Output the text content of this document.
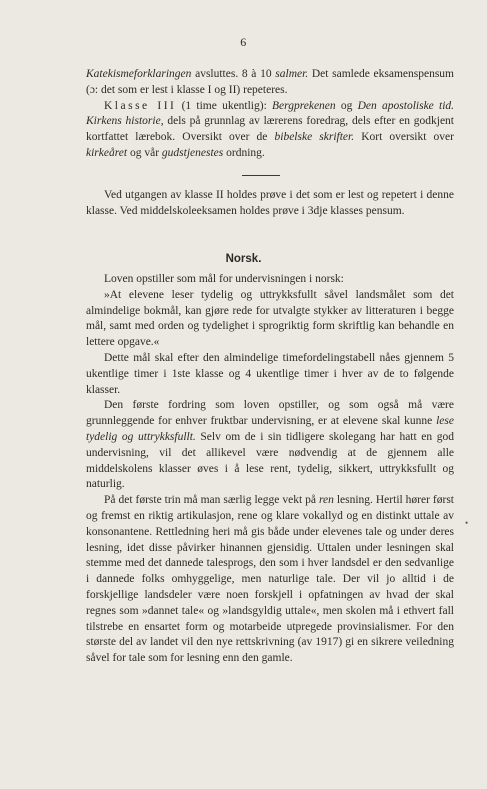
6

Katekismeforklaringen avsluttes. 8 à 10 salmer. Det samlede eksamenspensum (ɔ: det som er lest i klasse I og II) repeteres.

Klasse III (1 time ukentlig): Bergprekenen og Den apostoliske tid. Kirkens historie, dels på grunnlag av lærerens foredrag, dels efter en godkjent kortfattet lærebok. Oversikt over de bibelske skrifter. Kort oversikt over kirkeåret og vår gudstjenestes ordning.

Ved utgangen av klasse II holdes prøve i det som er lest og repetert i denne klasse. Ved middelskoleeksamen holdes prøve i 3dje klasses pensum.

Norsk.

Loven opstiller som mål for undervisningen i norsk:

»At elevene leser tydelig og uttrykksfullt såvel landsmålet som det almindelige bokmål, kan gjøre rede for utvalgte stykker av litteraturen i begge mål, samt med orden og tydelighet i sprogriktig form skriftlig kan behandle en lettere opgave.«

Dette mål skal efter den almindelige timefordelingstabell nåes gjennem 5 ukentlige timer i 1ste klasse og 4 ukentlige timer i hver av de to følgende klasser.

Den første fordring som loven opstiller, og som også må være grunnleggende for enhver fruktbar undervisning, er at elevene skal kunne lese tydelig og uttrykksfullt. Selv om de i sin tidligere skolegang har hatt en god undervisning, vil det allikevel være nødvendig at de gjennem alle middelskolens klasser øves i å lese rent, tydelig, sikkert, uttrykksfullt og naturlig.

På det første trin må man særlig legge vekt på ren lesning. Hertil hører først og fremst en riktig artikulasjon, rene og klare vokallyd og en distinkt uttale av konsonantene. Rettledning heri må gis både under elevenes tale og under deres lesning, idet disse påvirker hinannen gjensidig. Uttalen under lesningen skal stemme med det dannede talesprogs, den som i hver landsdel er den sedvanlige i dannede folks omhyggelige, men naturlige tale. Der vil jo alltid i de forskjellige landsdeler være noen forskjell i opfatningen av hvad der skal regnes som »dannet tale« og »landsgyldig uttale«, men skolen må i ethvert fall tilstrebe en ensartet form og motarbeide utpregede provinsialismer. For den største del av landet vil den nye rettskrivning (av 1917) gi en sikrere veiledning såvel for tale som for lesning enn den gamle.

•
